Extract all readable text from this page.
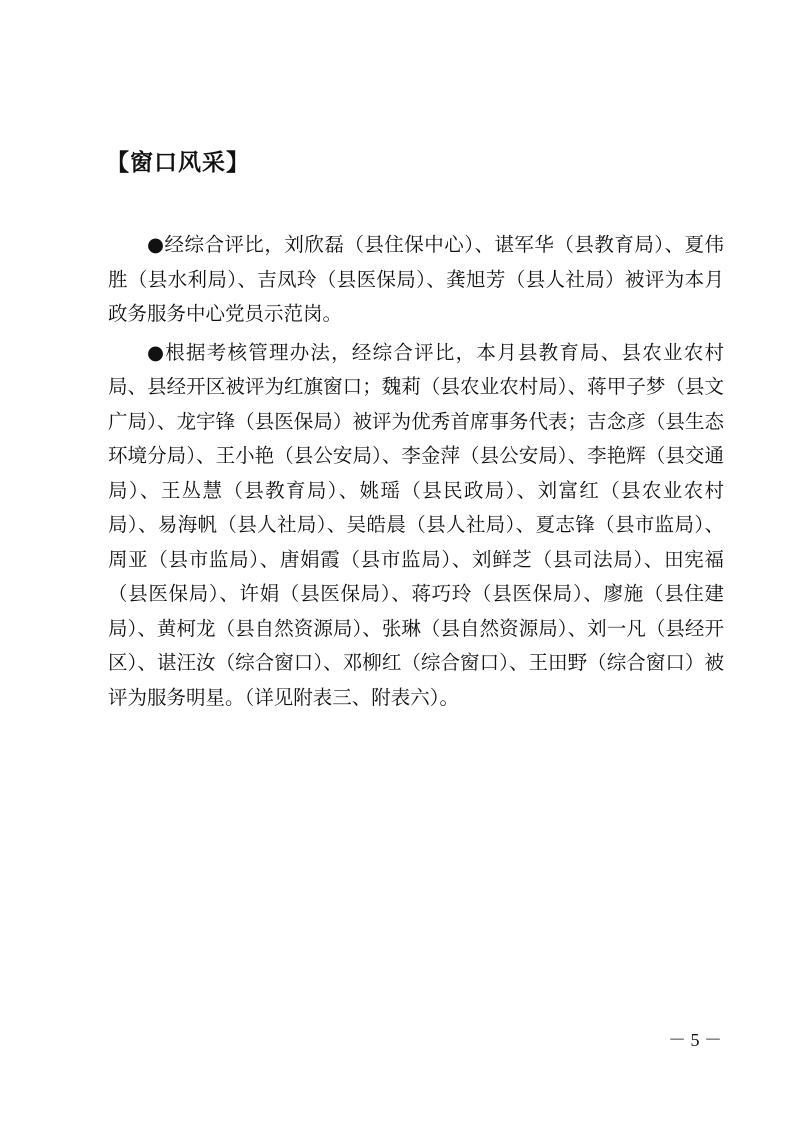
【窗口风采】

●经综合评比，刘欣磊（县住保中心）、谌军华（县教育局）、夏伟胜（县水利局）、吉凤玲（县医保局）、龚旭芳（县人社局）被评为本月政务服务中心党员示范岗。

●根据考核管理办法，经综合评比，本月县教育局、县农业农村局、县经开区被评为红旗窗口；魏莉（县农业农村局）、蒋甲子梦（县文广局）、龙宇锋（县医保局）被评为优秀首席事务代表；吉念彦（县生态环境分局）、王小艳（县公安局）、李金萍（县公安局）、李艳辉（县交通局）、王丛慧（县教育局）、姚瑶（县民政局）、刘富红（县农业农村局）、易海帆（县人社局）、吴皓晨（县人社局）、夏志锋（县市监局）、周亚（县市监局）、唐娟霞（县市监局）、刘鲜芝（县司法局）、田宪福（县医保局）、许娟（县医保局）、蒋巧玲（县医保局）、廖施（县住建局）、黄柯龙（县自然资源局）、张琳（县自然资源局）、刘一凡（县经开区）、谌汪汝（综合窗口）、邓柳红（综合窗口）、王田野（综合窗口）被评为服务明星。（详见附表三、附表六）。

－ 5 －
